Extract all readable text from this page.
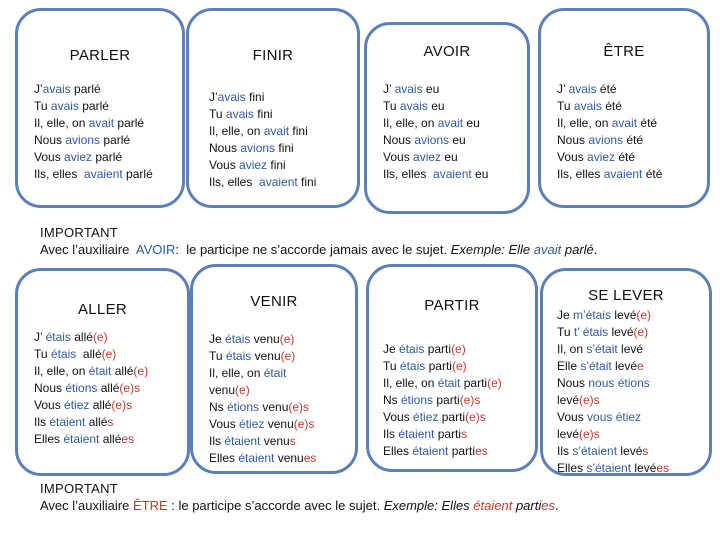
PARLER
J’avais parlé
Tu avais parlé
Il, elle, on avait parlé
Nous avions parlé
Vous aviez parlé
Ils, elles  avaient parlé
FINIR
J’avais fini
Tu avais fini
Il, elle, on avait fini
Nous avions fini
Vous aviez fini
Ils, elles  avaient fini
AVOIR
J’ avais eu
Tu avais eu
Il, elle, on avait eu
Nous avions eu
Vous aviez eu
Ils, elles  avaient eu
ÊTRE
J’ avais été
Tu avais été
Il, elle, on avait été
Nous avions été
Vous aviez été
Ils, elles avaient été
IMPORTANT
Avec l’auxiliaire  AVOIR:  le participe ne s’accorde jamais avec le sujet. Exemple: Elle avait parlé.
ALLER
J’ étais allé(e)
Tu étais  allé(e)
Il, elle, on était allé(e)
Nous étions allé(e)s
Vous étiez allé(e)s
Ils étaient allés
Elles étaient allées
VENIR
Je étais venu(e)
Tu étais venu(e)
Il, elle, on était
venu(e)
Ns étions venu(e)s
Vous étiez venu(e)s
Ils étaient venus
Elles étaient venues
PARTIR
Je étais parti(e)
Tu étais parti(e)
Il, elle, on était parti(e)
Ns étions parti(e)s
Vous étiez parti(e)s
Ils étaient partis
Elles étaient parties
SE LEVER
Je m’étais levé(e)
Tu t’ étais levé(e)
Il, on s’était levé
Elle s’était levée
Nous nous étions
levé(e)s
Vous vous étiez
levé(e)s
Ils s’étaient levés
Elles s’étaient levées
IMPORTANT
Avec l’auxiliaire ÊTRE : le participe s’accorde avec le sujet. Exemple: Elles étaient parties.
